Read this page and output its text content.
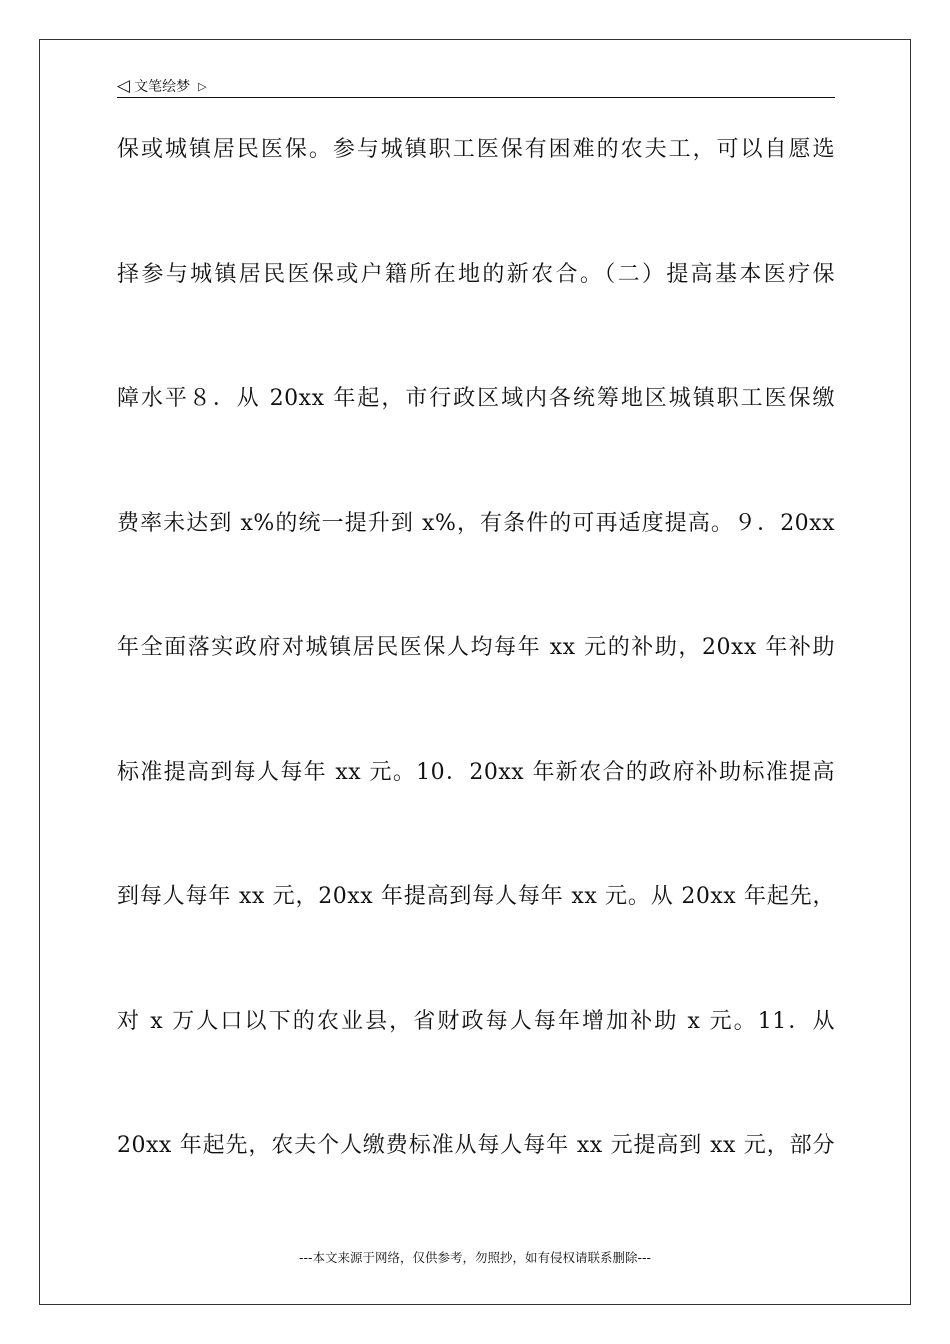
◁ 文笔绘梦 ▷
保或城镇居民医保。参与城镇职工医保有困难的农夫工，可以自愿选
择参与城镇居民医保或户籍所在地的新农合。（二）提高基本医疗保
障水平８．从 20xx 年起，市行政区域内各统筹地区城镇职工医保缴
费率未达到 x%的统一提升到 x%，有条件的可再适度提高。９．20xx
年全面落实政府对城镇居民医保人均每年 xx 元的补助，20xx 年补助
标准提高到每人每年 xx 元。10．20xx 年新农合的政府补助标准提高
到每人每年 xx 元，20xx 年提高到每人每年 xx 元。从 20xx 年起先，
对 x 万人口以下的农业县，省财政每人每年增加补助 x 元。11．从
20xx 年起先，农夫个人缴费标准从每人每年 xx 元提高到 xx 元，部分
---本文来源于网络，仅供参考，勿照抄，如有侵权请联系删除---
